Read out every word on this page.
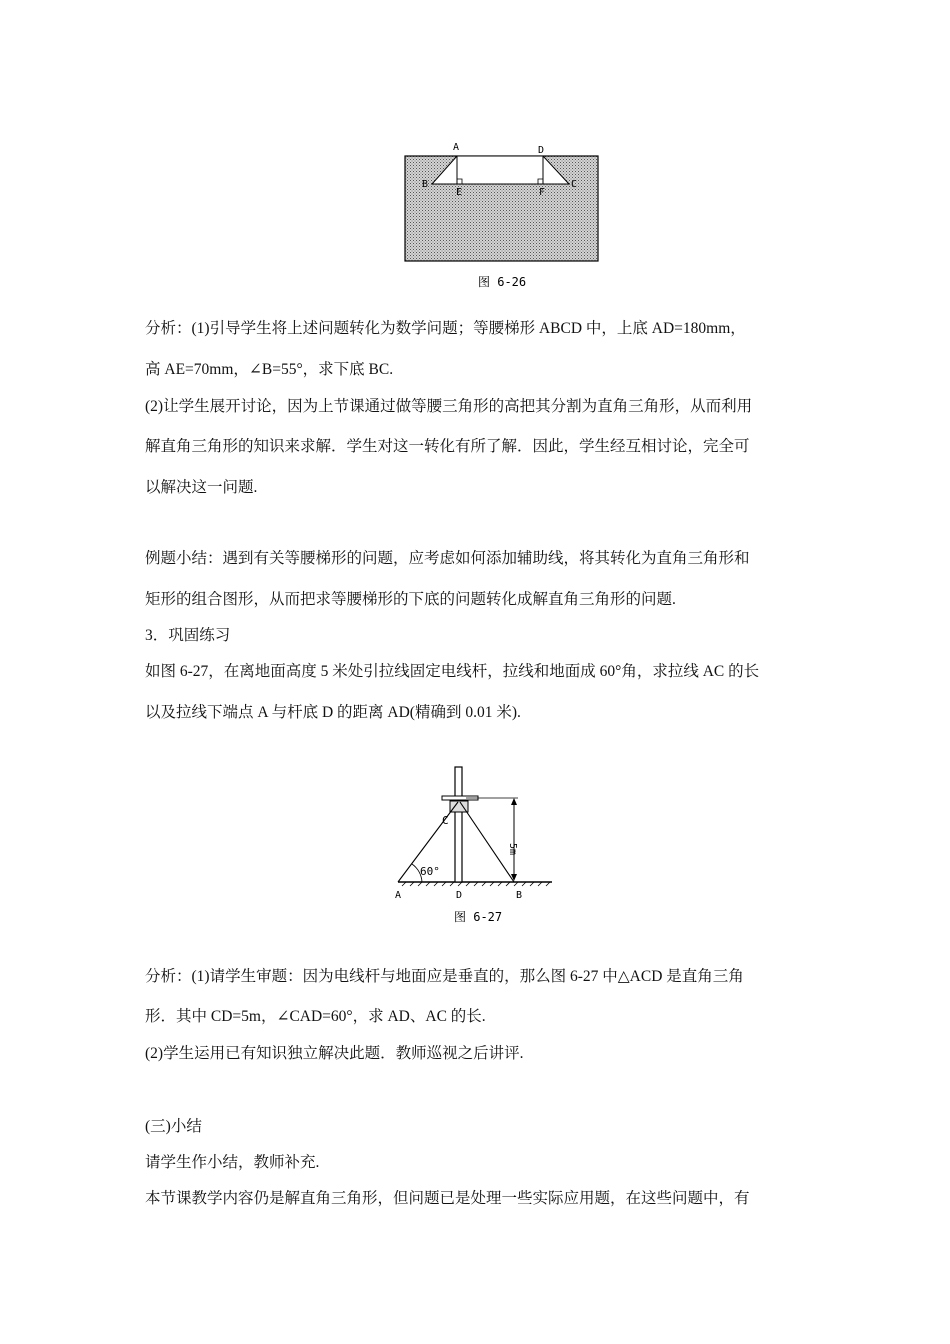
A	D
B
E	F
C
图 6-26
5m
60°
C
A	D	B
图 6-27
分析：(1)引导学生将上述问题转化为数学问题；等腰梯形 ABCD 中，上底 AD=180mm，
高 AE=70mm，∠B=55°，求下底 BC.
(2)让学生展开讨论，因为上节课通过做等腰三角形的高把其分割为直角三角形，从而利用
解直角三角形的知识来求解．学生对这一转化有所了解．因此，学生经互相讨论，完全可
以解决这一问题.
例题小结：遇到有关等腰梯形的问题，应考虑如何添加辅助线，将其转化为直角三角形和
矩形的组合图形，从而把求等腰梯形的下底的问题转化成解直角三角形的问题.
3．巩固练习
如图 6-27，在离地面高度 5 米处引拉线固定电线杆，拉线和地面成 60°角，求拉线 AC 的长
以及拉线下端点 A 与杆底 D 的距离 AD(精确到 0.01 米).
分析：(1)请学生审题：因为电线杆与地面应是垂直的，那么图 6-27 中△ACD 是直角三角
形．其中 CD=5m，∠CAD=60°，求 AD、AC 的长.
(2)学生运用已有知识独立解决此题．教师巡视之后讲评.
(三)小结
请学生作小结，教师补充.
本节课教学内容仍是解直角三角形，但问题已是处理一些实际应用题，在这些问题中，有
